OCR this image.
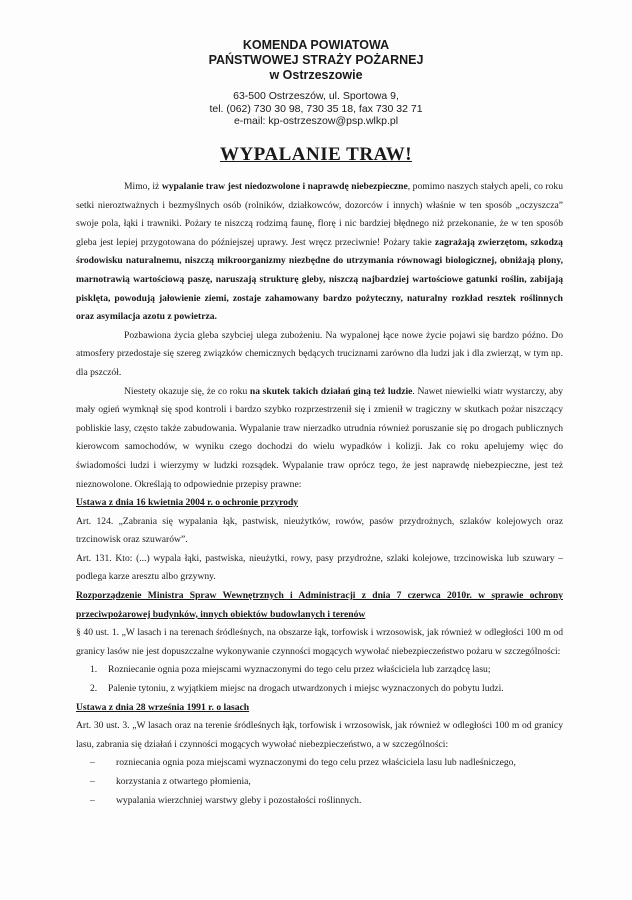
KOMENDA POWIATOWA
PAŃSTWOWEJ STRAŻY POŻARNEJ
w Ostrzeszowie
63-500 Ostrzeszów, ul. Sportowa 9,
tel. (062) 730 30 98, 730 35 18, fax 730 32 71
e-mail: kp-ostrzeszow@psp.wlkp.pl
WYPALANIE TRAW!

Mimo, iż wypalanie traw jest niedozwolone i naprawdę niebezpieczne, pomimo naszych stałych apeli, co roku setki nieroztważnych i bezmyślnych osób (rolników, działkowców, dozorców i innych) właśnie w ten sposób „oczyszcza” swoje pola, łąki i trawniki. Pożary te niszczą rodzimą faunę, florę i nic bardziej błędnego niż przekonanie, że w ten sposób gleba jest lepiej przygotowana do późniejszej uprawy. Jest wręcz przeciwnie! Pożary takie zagrażają zwierzętom, szkodzą środowisku naturalnemu, niszczą mikroorganizmy niezbędne do utrzymania równowagi biologicznej, obniżają plony, marnotrawią wartościową paszę, naruszają strukturę gleby, niszczą najbardziej wartościowe gatunki roślin, zabijają pisklęta, powodują jałowienie ziemi, zostaje zahamowany bardzo pożyteczny, naturalny rozkład resztek roślinnych oraz asymilacja azotu z powietrza.

Pozbawiona życia gleba szybciej ulega zubożeniu. Na wypalonej łące nowe życie pojawi się bardzo późno. Do atmosfery przedostaje się szereg związków chemicznych będących truciznami zarówno dla ludzi jak i dla zwierząt, w tym np. dla pszczół.

Niestety okazuje się, że co roku na skutek takich działań giną też ludzie. Nawet niewielki wiatr wystarczy, aby mały ogień wymknął się spod kontroli i bardzo szybko rozprzestrzenił się i zmienił w tragiczny w skutkach pożar niszczący pobliskie lasy, często także zabudowania. Wypalanie traw nierzadko utrudnia również poruszanie się po drogach publicznych kierowcom samochodów, w wyniku czego dochodzi do wielu wypadków i kolizji. Jak co roku apelujemy więc do świadomości ludzi i wierzymy w ludzki rozsądek. Wypalanie traw oprócz tego, że jest naprawdę niebezpieczne, jest też nieznowolone. Określają to odpowiednie przepisy prawne:

Ustawa z dnia 16 kwietnia 2004 r. o ochronie przyrody

Art. 124. „Zabrania się wypalania łąk, pastwisk, nieużytków, rowów, pasów przydrożnych, szlaków kolejowych oraz trzcinowisk oraz szuwarów”.

Art. 131. Kto: (...) wypala łąki, pastwiska, nieużytki, rowy, pasy przydrożne, szlaki kolejowe, trzcinowiska lub szuwary – podlega karze aresztu albo grzywny.

Rozporządzenie Ministra Spraw Wewnętrznych i Administracji z dnia 7 czerwca 2010r. w sprawie ochrony przeciwpożarowej budynków, innych obiektów budowlanych i terenów

§ 40 ust. 1. „W lasach i na terenach śródleśnych, na obszarze łąk, torfowisk i wrzosowisk, jak również w odległości 100 m od granicy lasów nie jest dopuszczalne wykonywanie czynności mogących wywołać niebezpieczeństwo pożaru w szczególności:

1. Rozniecanie ognia poza miejscami wyznaczonymi do tego celu przez właściciela lub zarządcę lasu;
2. Palenie tytoniu, z wyjątkiem miejsc na drogach utwardzonych i miejsc wyznaczonych do pobytu ludzi.

Ustawa z dnia 28 września 1991 r. o lasach

Art. 30 ust. 3. „W lasach oraz na terenie śródleśnych łąk, torfowisk i wrzosowisk, jak również w odległości 100 m od granicy lasu, zabrania się działań i czynności mogących wywołać niebezpieczeństwo, a w szczególności:

– rozniecania ognia poza miejscami wyznaczonymi do tego celu przez właściciela lasu lub nadleśniczego,
– korzystania z otwartego płomienia,
– wypalania wierzchniej warstwy gleby i pozostałości roślinnych.
